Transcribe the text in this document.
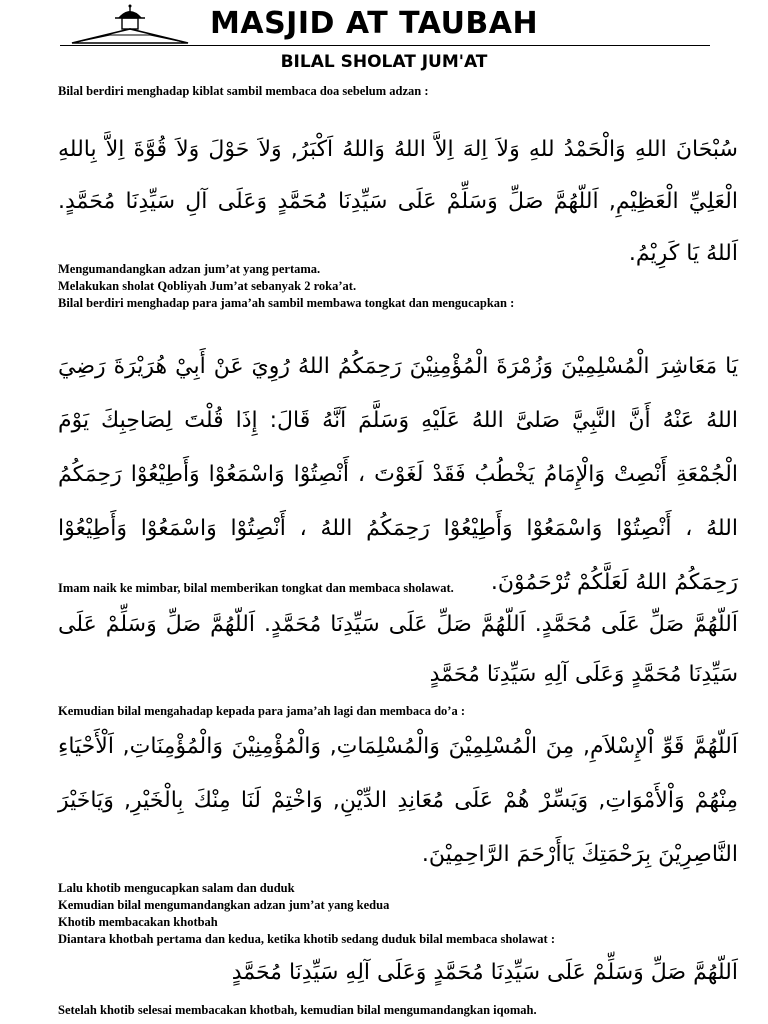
MASJID AT TAUBAH
BILAL SHOLAT JUM'AT
Bilal berdiri menghadap kiblat sambil membaca doa sebelum adzan :
سُبْحَانَ اللهِ وَالْحَمْدُ للهِ وَلاَ اِلهَ اِلاَّ اللهُ وَاللهُ اَكْبَرُ, وَلاَ حَوْلَ وَلاَ قُوَّةَ اِلاَّ بِاللهِ الْعَلِيِّ الْعَظِيْمِ, اَللّهُمَّ صَلِّ وَسَلِّمْ عَلَى سَيِّدِنَا مُحَمَّدٍ وَعَلَى آلِ سَيِّدِنَا مُحَمَّدٍ. اَللهُ يَا كَرِيْمُ.
Mengumandangkan adzan jum’at yang pertama.
Melakukan sholat Qobliyah Jum’at sebanyak 2 roka’at.
Bilal berdiri menghadap para jama’ah sambil membawa tongkat dan mengucapkan :
يَا مَعَاشِرَ الْمُسْلِمِيْنَ وَزُمْرَةَ الْمُؤْمِنِيْنَ رَحِمَكُمُ اللهُ رُوِيَ عَنْ أَبِيْ هُرَيْرَةَ رَضِيَ اللهُ عَنْهُ أَنَّ النَّبِيَّ صَلىَّ اللهُ عَلَيْهِ وَسَلَّمَ اَنَّهُ قَالَ: إِذَا قُلْتَ لِصَاحِبِكَ يَوْمَ الْجُمْعَةِ أَنْصِتْ وَالْإِمَامُ يَخْطُبُ فَقَدْ لَغَوْتَ ، أَنْصِتُوْا وَاسْمَعُوْا وَأَطِيْعُوْا رَحِمَكُمُ اللهُ ، أَنْصِتُوْا وَاسْمَعُوْا وَأَطِيْعُوْا رَحِمَكُمُ اللهُ ، أَنْصِتُوْا وَاسْمَعُوْا وَأَطِيْعُوْا رَحِمَكُمُ اللهُ لَعَلَّكُمْ تُرْحَمُوْنَ.
Imam naik ke mimbar, bilal memberikan tongkat dan membaca sholawat.
اَللّهُمَّ صَلِّ عَلَى مُحَمَّدٍ. اَللّهُمَّ صَلِّ عَلَى سَيِّدِنَا مُحَمَّدٍ. اَللّهُمَّ صَلِّ وَسَلِّمْ عَلَى سَيِّدِنَا مُحَمَّدٍ وَعَلَى آلِهِ سَيِّدِنَا مُحَمَّدٍ
Kemudian bilal mengahadap kepada para jama’ah lagi dan membaca do’a :
اَللّهُمَّ قَوِّ اْلإِسْلاَمِ, مِنَ الْمُسْلِمِيْنَ وَالْمُسْلِمَاتِ, وَالْمُؤْمِنِيْنَ وَالْمُؤْمِنَاتِ, اَلْأَحْيَاءِ مِنْهُمْ وَاْلأَمْوَاتِ, وَيَسِّرْ هُمْ عَلَى مُعَانِدِ الدِّيْنِ, وَاخْتِمْ لَنَا مِنْكَ بِالْخَيْرِ, وَيَاخَيْرَ النَّاصِرِيْنَ بِرَحْمَتِكَ يَاأَرْحَمَ الرَّاحِمِيْنَ.
Lalu khotib mengucapkan salam dan duduk
Kemudian bilal mengumandangkan adzan jum’at yang kedua
Khotib membacakan khotbah
Diantara khotbah pertama dan kedua, ketika khotib sedang duduk bilal membaca sholawat :
اَللّهُمَّ صَلِّ وَسَلِّمْ عَلَى سَيِّدِنَا مُحَمَّدٍ وَعَلَى آلِهِ سَيِّدِنَا مُحَمَّدٍ
Setelah khotib selesai membacakan khotbah, kemudian bilal mengumandangkan iqomah.
